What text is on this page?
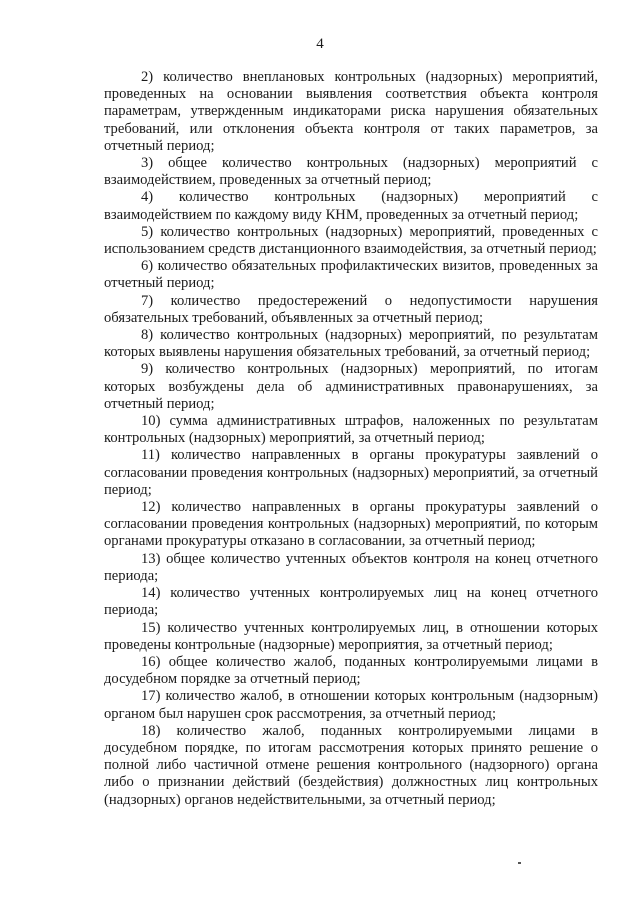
4

2) количество внеплановых контрольных (надзорных) мероприятий, проведенных на основании выявления соответствия объекта контроля параметрам, утвержденным индикаторами риска нарушения обязательных требований, или отклонения объекта контроля от таких параметров, за отчетный период;

3) общее количество контрольных (надзорных) мероприятий с взаимодействием, проведенных за отчетный период;

4) количество контрольных (надзорных) мероприятий с взаимодействием по каждому виду КНМ, проведенных за отчетный период;

5) количество контрольных (надзорных) мероприятий, проведенных с использованием средств дистанционного взаимодействия, за отчетный период;

6) количество обязательных профилактических визитов, проведенных за отчетный период;

7) количество предостережений о недопустимости нарушения обязательных требований, объявленных за отчетный период;

8) количество контрольных (надзорных) мероприятий, по результатам которых выявлены нарушения обязательных требований, за отчетный период;

9) количество контрольных (надзорных) мероприятий, по итогам которых возбуждены дела об административных правонарушениях, за отчетный период;

10) сумма административных штрафов, наложенных по результатам контрольных (надзорных) мероприятий, за отчетный период;

11) количество направленных в органы прокуратуры заявлений о согласовании проведения контрольных (надзорных) мероприятий, за отчетный период;

12) количество направленных в органы прокуратуры заявлений о согласовании проведения контрольных (надзорных) мероприятий, по которым органами прокуратуры отказано в согласовании, за отчетный период;

13) общее количество учтенных объектов контроля на конец отчетного периода;

14) количество учтенных контролируемых лиц на конец отчетного периода;

15) количество учтенных контролируемых лиц, в отношении которых проведены контрольные (надзорные) мероприятия, за отчетный период;

16) общее количество жалоб, поданных контролируемыми лицами в досудебном порядке за отчетный период;

17) количество жалоб, в отношении которых контрольным (надзорным) органом был нарушен срок рассмотрения, за отчетный период;

18) количество жалоб, поданных контролируемыми лицами в досудебном порядке, по итогам рассмотрения которых принято решение о полной либо частичной отмене решения контрольного (надзорного) органа либо о признании действий (бездействия) должностных лиц контрольных (надзорных) органов недействительными, за отчетный период;
